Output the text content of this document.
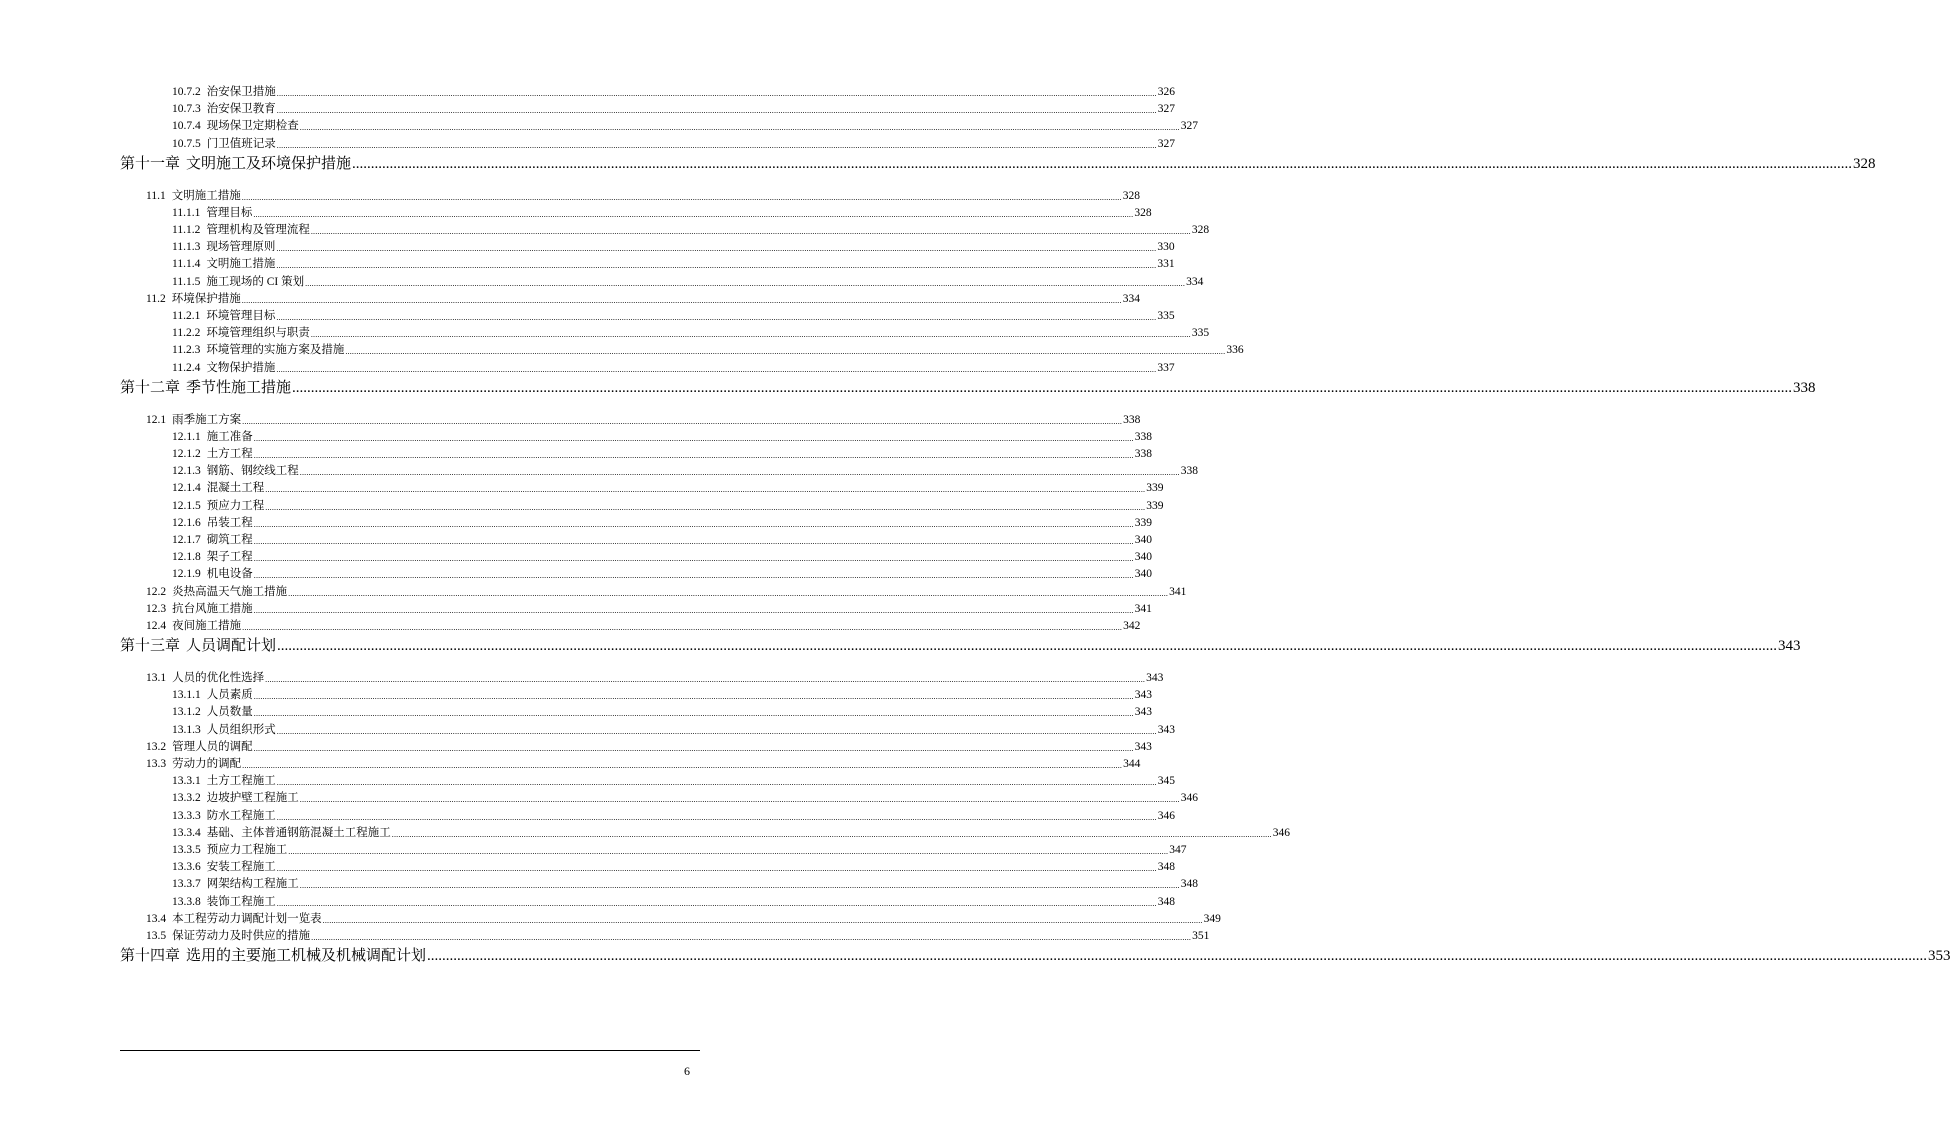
10.7.2 治安保卫措施 ................................................................................................................................................................................................................................................................................................................................................................................................................ 326
10.7.3 治安保卫教育 ................................................................................................................................................................................................................................................................................................................................................................................................................ 327
10.7.4 现场保卫定期检查 ................................................................................................................................................................................................................................................................................................................................................................................................................ 327
10.7.5 门卫值班记录 ................................................................................................................................................................................................................................................................................................................................................................................................................ 327
第十一章 文明施工及环境保护措施 ................................................................................................................................................................................................................................................................................................................................................................................................................ 328
11.1 文明施工措施 ................................................................................................................................................................................................................................................................................................................................................................................................................ 328
11.1.1 管理目标 ................................................................................................................................................................................................................................................................................................................................................................................................................ 328
11.1.2 管理机构及管理流程 ................................................................................................................................................................................................................................................................................................................................................................................................................ 328
11.1.3 现场管理原则 ................................................................................................................................................................................................................................................................................................................................................................................................................ 330
11.1.4 文明施工措施 ................................................................................................................................................................................................................................................................................................................................................................................................................ 331
11.1.5 施工现场的 CI 策划 ................................................................................................................................................................................................................................................................................................................................................................................................................ 334
11.2 环境保护措施 ................................................................................................................................................................................................................................................................................................................................................................................................................ 334
11.2.1 环境管理目标 ................................................................................................................................................................................................................................................................................................................................................................................................................ 335
11.2.2 环境管理组织与职责 ................................................................................................................................................................................................................................................................................................................................................................................................................ 335
11.2.3 环境管理的实施方案及措施 ................................................................................................................................................................................................................................................................................................................................................................................................................ 336
11.2.4 文物保护措施 ................................................................................................................................................................................................................................................................................................................................................................................................................ 337
第十二章 季节性施工措施 ................................................................................................................................................................................................................................................................................................................................................................................................................ 338
12.1 雨季施工方案 ................................................................................................................................................................................................................................................................................................................................................................................................................ 338
12.1.1 施工准备 ................................................................................................................................................................................................................................................................................................................................................................................................................ 338
12.1.2 土方工程 ................................................................................................................................................................................................................................................................................................................................................................................................................ 338
12.1.3 钢筋、钢绞线工程 ................................................................................................................................................................................................................................................................................................................................................................................................................ 338
12.1.4 混凝土工程 ................................................................................................................................................................................................................................................................................................................................................................................................................ 339
12.1.5 预应力工程 ................................................................................................................................................................................................................................................................................................................................................................................................................ 339
12.1.6 吊装工程 ................................................................................................................................................................................................................................................................................................................................................................................................................ 339
12.1.7 砌筑工程 ................................................................................................................................................................................................................................................................................................................................................................................................................ 340
12.1.8 架子工程 ................................................................................................................................................................................................................................................................................................................................................................................................................ 340
12.1.9 机电设备 ................................................................................................................................................................................................................................................................................................................................................................................................................ 340
12.2 炎热高温天气施工措施 ................................................................................................................................................................................................................................................................................................................................................................................................................ 341
12.3 抗台风施工措施 ................................................................................................................................................................................................................................................................................................................................................................................................................ 341
12.4 夜间施工措施 ................................................................................................................................................................................................................................................................................................................................................................................................................ 342
第十三章 人员调配计划 ................................................................................................................................................................................................................................................................................................................................................................................................................ 343
13.1 人员的优化性选择 ................................................................................................................................................................................................................................................................................................................................................................................................................ 343
13.1.1 人员素质 ................................................................................................................................................................................................................................................................................................................................................................................................................ 343
13.1.2 人员数量 ................................................................................................................................................................................................................................................................................................................................................................................................................ 343
13.1.3 人员组织形式 ................................................................................................................................................................................................................................................................................................................................................................................................................ 343
13.2 管理人员的调配 ................................................................................................................................................................................................................................................................................................................................................................................................................ 343
13.3 劳动力的调配 ................................................................................................................................................................................................................................................................................................................................................................................................................ 344
13.3.1 土方工程施工 ................................................................................................................................................................................................................................................................................................................................................................................................................ 345
13.3.2 边坡护壁工程施工 ................................................................................................................................................................................................................................................................................................................................................................................................................ 346
13.3.3 防水工程施工 ................................................................................................................................................................................................................................................................................................................................................................................................................ 346
13.3.4 基础、主体普通钢筋混凝土工程施工 ................................................................................................................................................................................................................................................................................................................................................................................................................ 346
13.3.5 预应力工程施工 ................................................................................................................................................................................................................................................................................................................................................................................................................ 347
13.3.6 安装工程施工 ................................................................................................................................................................................................................................................................................................................................................................................................................ 348
13.3.7 网架结构工程施工 ................................................................................................................................................................................................................................................................................................................................................................................................................ 348
13.3.8 装饰工程施工 ................................................................................................................................................................................................................................................................................................................................................................................................................ 348
13.4 本工程劳动力调配计划一览表 ................................................................................................................................................................................................................................................................................................................................................................................................................ 349
13.5 保证劳动力及时供应的措施 ................................................................................................................................................................................................................................................................................................................................................................................................................ 351
第十四章 选用的主要施工机械及机械调配计划 ................................................................................................................................................................................................................................................................................................................................................................................................................ 353
6
